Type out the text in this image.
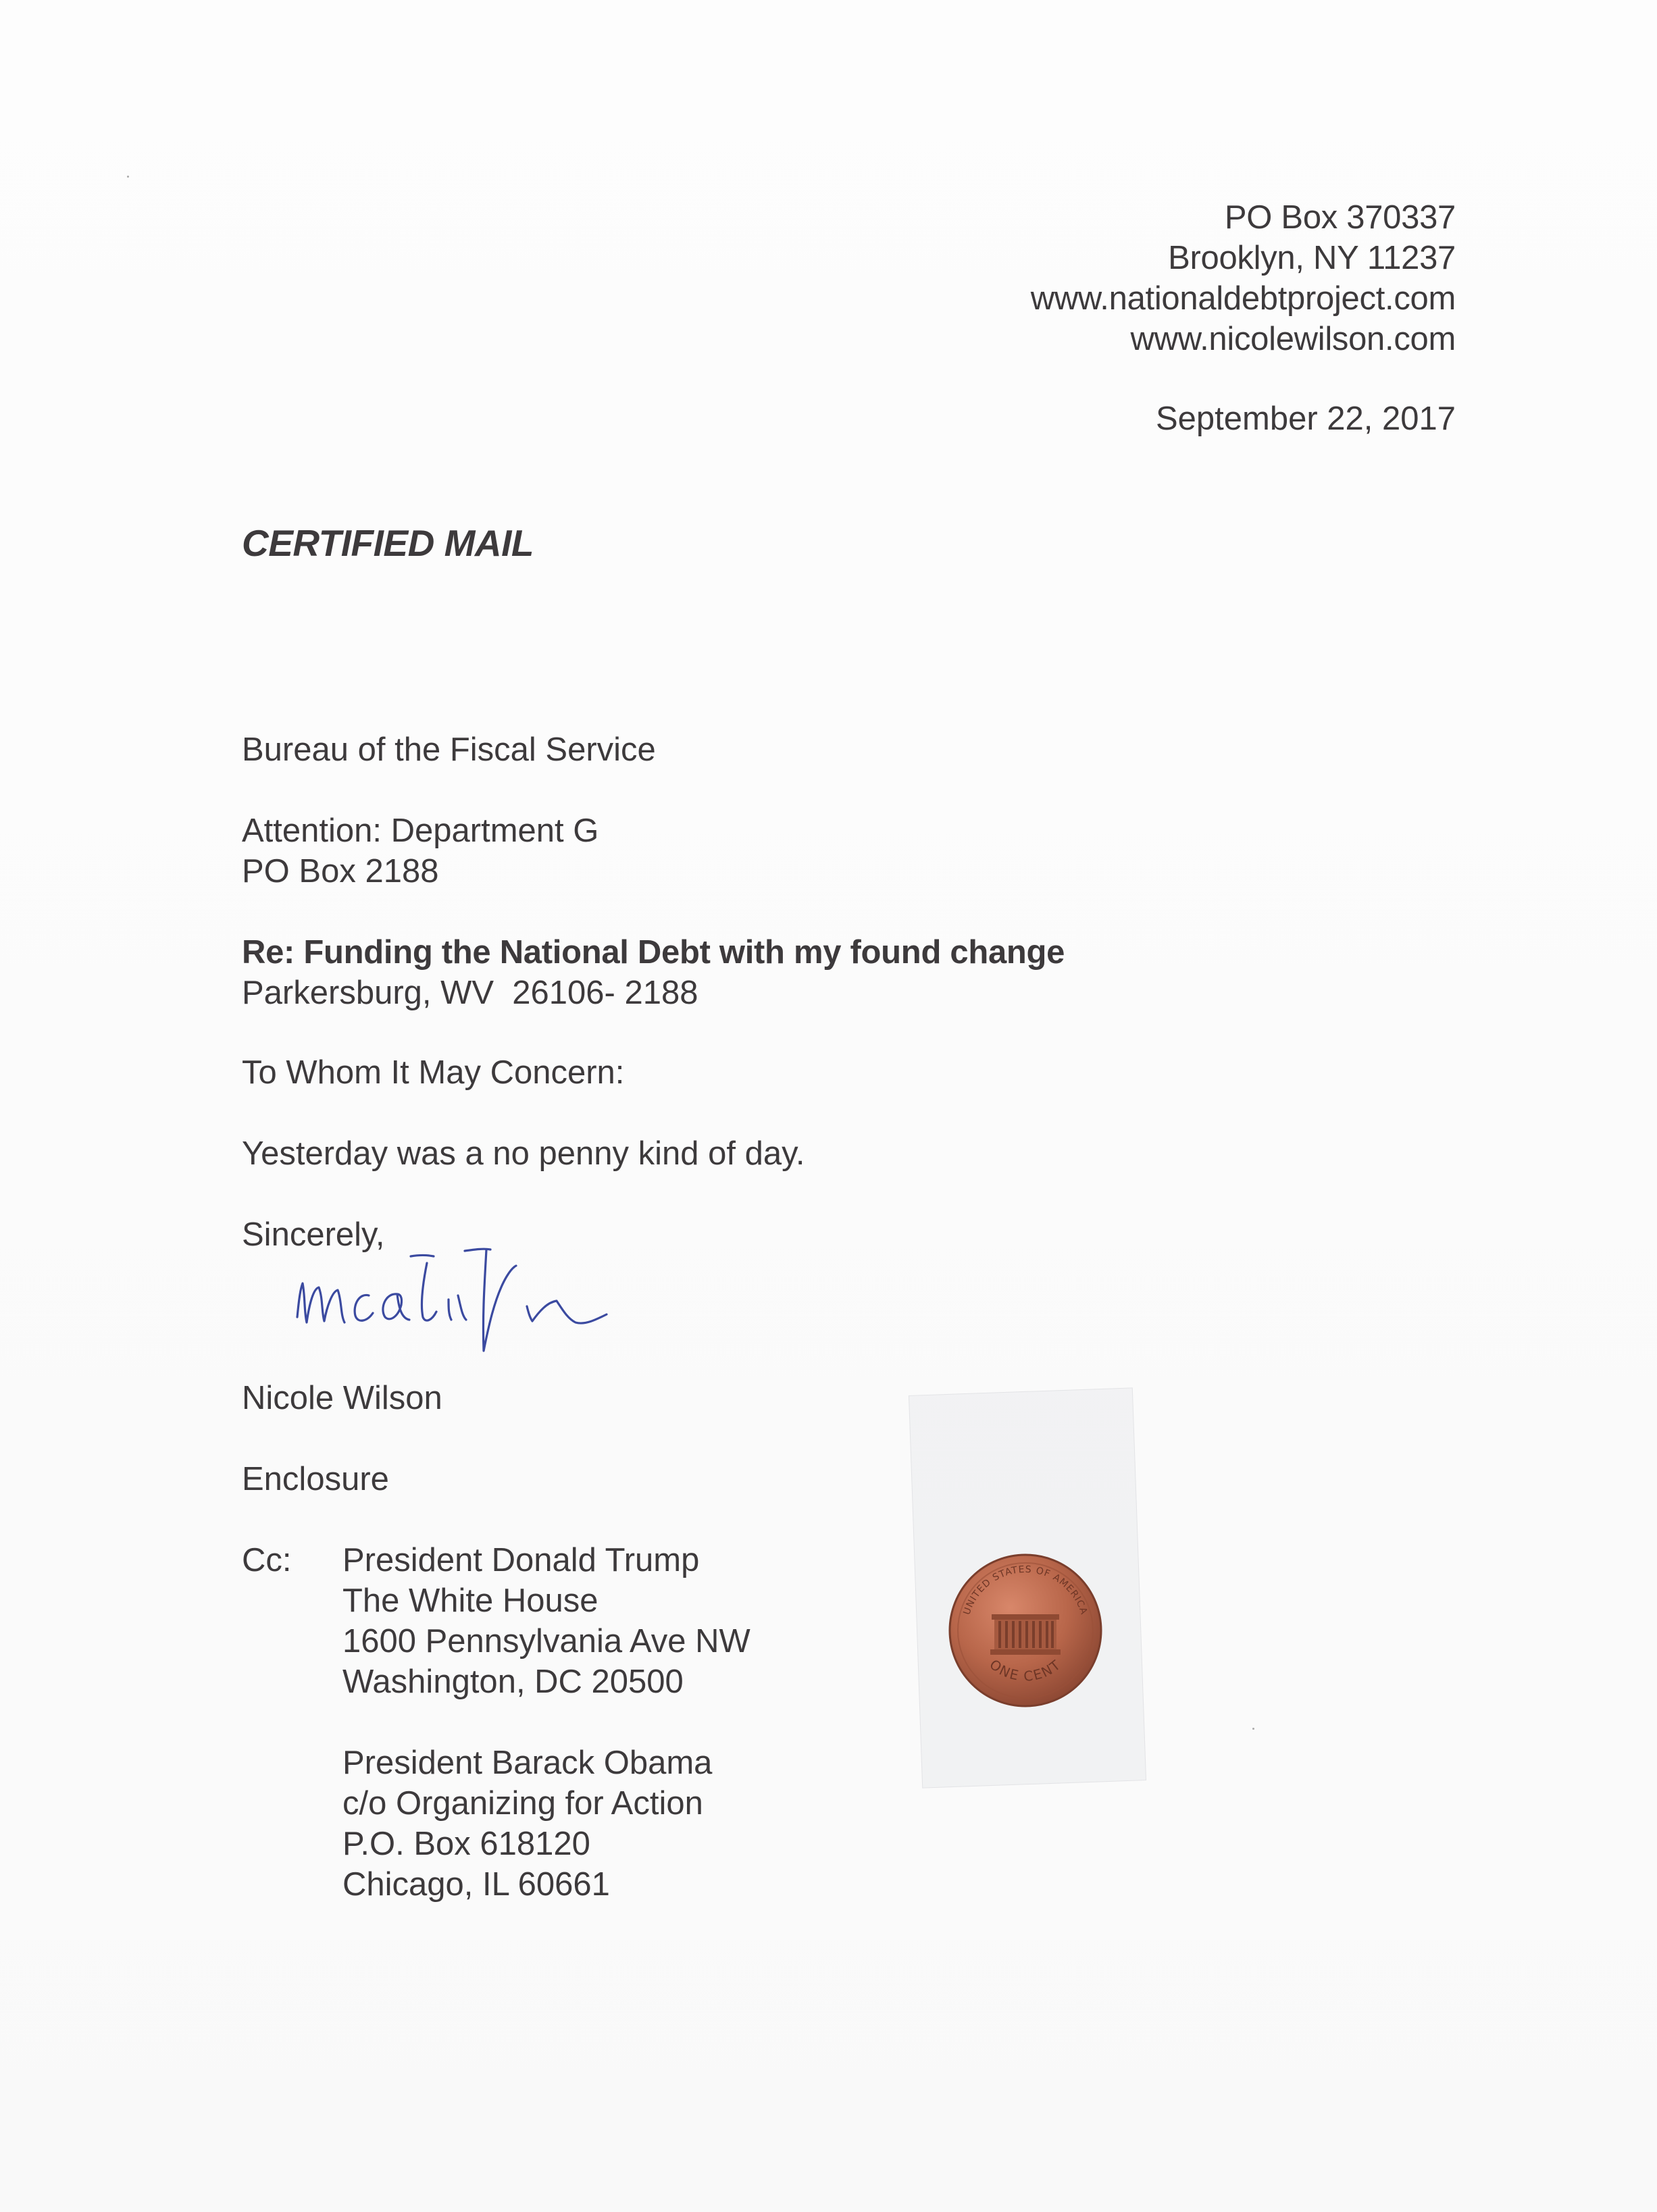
PO Box 370337
Brooklyn, NY 11237
www.nationaldebtproject.com
www.nicolewilson.com
September 22, 2017
CERTIFIED MAIL

Bureau of the Fiscal Service

PO Box 2188

Parkersburg, WV  26106- 2188

Attention: Department G
Re: Funding the National Debt with my found change
To Whom It May Concern:
Yesterday was a no penny kind of day.
Sincerely,
Nicole Wilson
Enclosure
Cc: President Donald Trump
The White House
1600 Pennsylvania Ave NW
Washington, DC 20500
President Barack Obama
c/o Organizing for Action
P.O. Box 618120
Chicago, IL 60661
UNITED STATES OF AMERICA
ONE CENT
